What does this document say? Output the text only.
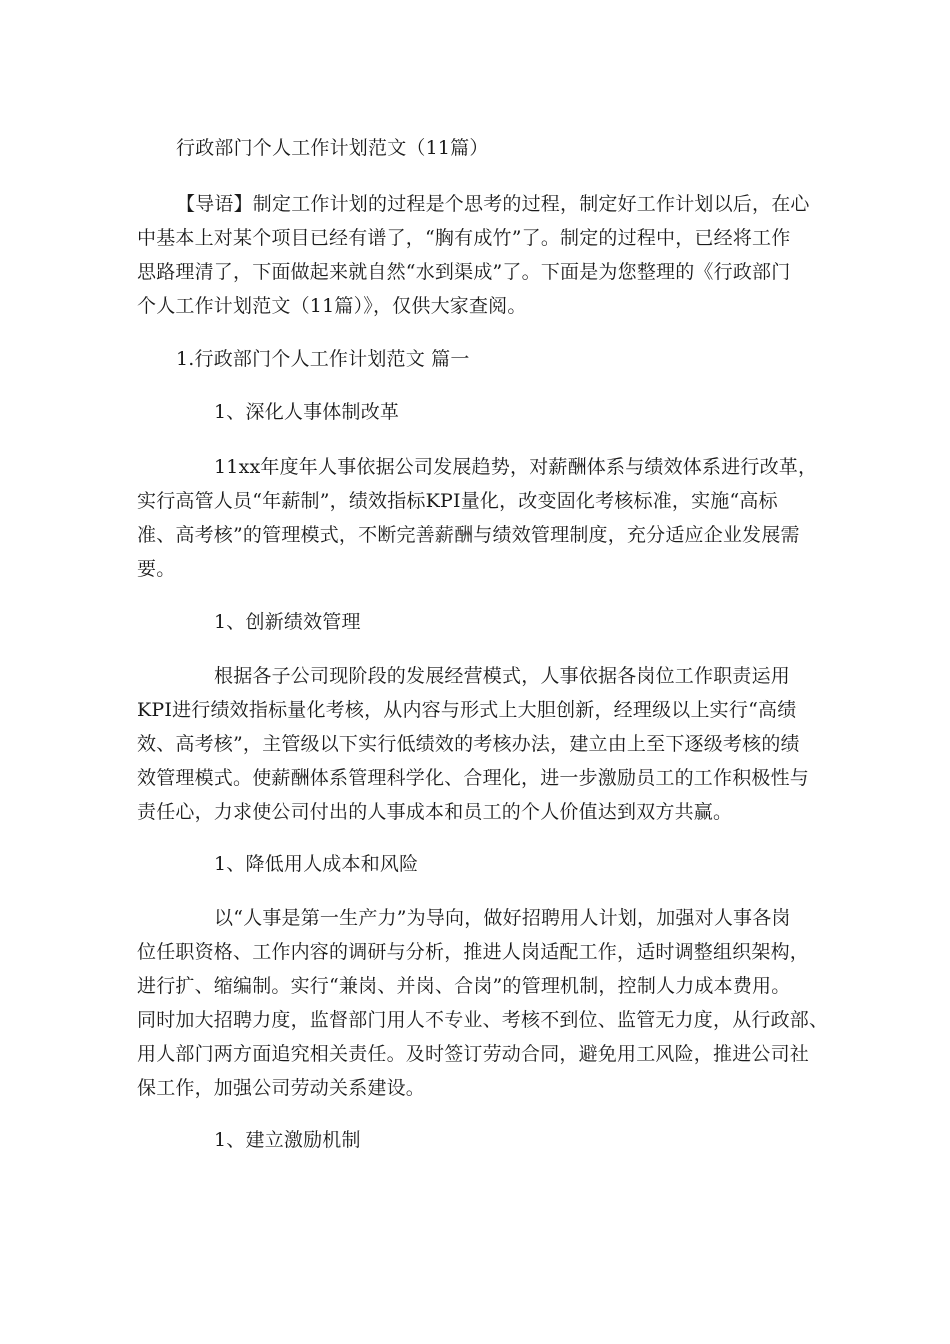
行政部门个人工作计划范文（11篇）
【导语】制定工作计划的过程是个思考的过程，制定好工作计划以后，在心
中基本上对某个项目已经有谱了，“胸有成竹”了。制定的过程中，已经将工作
思路理清了，下面做起来就自然“水到渠成”了。下面是为您整理的《行政部门
个人工作计划范文（11篇）》，仅供大家查阅。
1.行政部门个人工作计划范文 篇一
1、深化人事体制改革
11xx年度年人事依据公司发展趋势，对薪酬体系与绩效体系进行改革，
实行高管人员“年薪制”，绩效指标KPI量化，改变固化考核标准，实施“高标
准、高考核”的管理模式，不断完善薪酬与绩效管理制度，充分适应企业发展需
要。
1、创新绩效管理
根据各子公司现阶段的发展经营模式，人事依据各岗位工作职责运用
KPI进行绩效指标量化考核，从内容与形式上大胆创新，经理级以上实行“高绩
效、高考核”，主管级以下实行低绩效的考核办法，建立由上至下逐级考核的绩
效管理模式。使薪酬体系管理科学化、合理化，进一步激励员工的工作积极性与
责任心，力求使公司付出的人事成本和员工的个人价值达到双方共赢。
1、降低用人成本和风险
以“人事是第一生产力”为导向，做好招聘用人计划，加强对人事各岗
位任职资格、工作内容的调研与分析，推进人岗适配工作，适时调整组织架构，
进行扩、缩编制。实行“兼岗、并岗、合岗”的管理机制，控制人力成本费用。
同时加大招聘力度，监督部门用人不专业、考核不到位、监管无力度，从行政部、
用人部门两方面追究相关责任。及时签订劳动合同，避免用工风险，推进公司社
保工作，加强公司劳动关系建设。
1、建立激励机制
